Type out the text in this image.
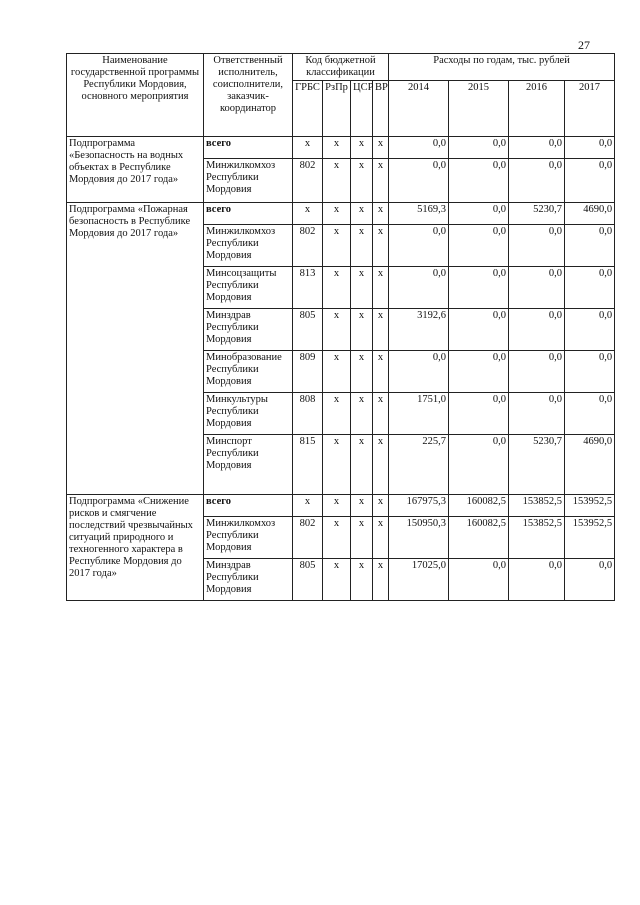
27
Наименование государственной программы Республики Мордовия, основного мероприятия	Ответственный исполнитель, соисполнители, заказчик-координатор	Код бюджетной классификации				Расходы по годам, тыс. рублей			
		ГРБС	РзПр	ЦСР	ВР	2014	2015	2016	2017
Подпрограмма «Безопасность на водных объектах в Республике Мордовия до 2017 года»	всего	х	х	х	х	0,0	0,0	0,0	0,0
	Минжилкомхоз Республики Мордовия	802	х	х	х	0,0	0,0	0,0	0,0
Подпрограмма «Пожарная безопасность в Республике Мордовия до 2017 года»	всего	х	х	х	х	5169,3	0,0	5230,7	4690,0
	Минжилкомхоз Республики Мордовия	802	х	х	х	0,0	0,0	0,0	0,0
	Минсоцзащиты Республики Мордовия	813	х	х	х	0,0	0,0	0,0	0,0
	Минздрав Республики Мордовия	805	х	х	х	3192,6	0,0	0,0	0,0
	Минобразование Республики Мордовия	809	х	х	х	0,0	0,0	0,0	0,0
	Минкультуры Республики Мордовия	808	х	х	х	1751,0	0,0	0,0	0,0
	Минспорт Республики Мордовия	815	х	х	х	225,7	0,0	5230,7	4690,0
Подпрограмма «Снижение рисков и смягчение последствий чрезвычайных ситуаций природного и техногенного характера в Республике Мордовия до 2017 года»	всего	х	х	х	х	167975,3	160082,5	153852,5	153952,5
	Минжилкомхоз Республики Мордовия	802	х	х	х	150950,3	160082,5	153852,5	153952,5
	Минздрав Республики Мордовия	805	х	х	х	17025,0	0,0	0,0	0,0
